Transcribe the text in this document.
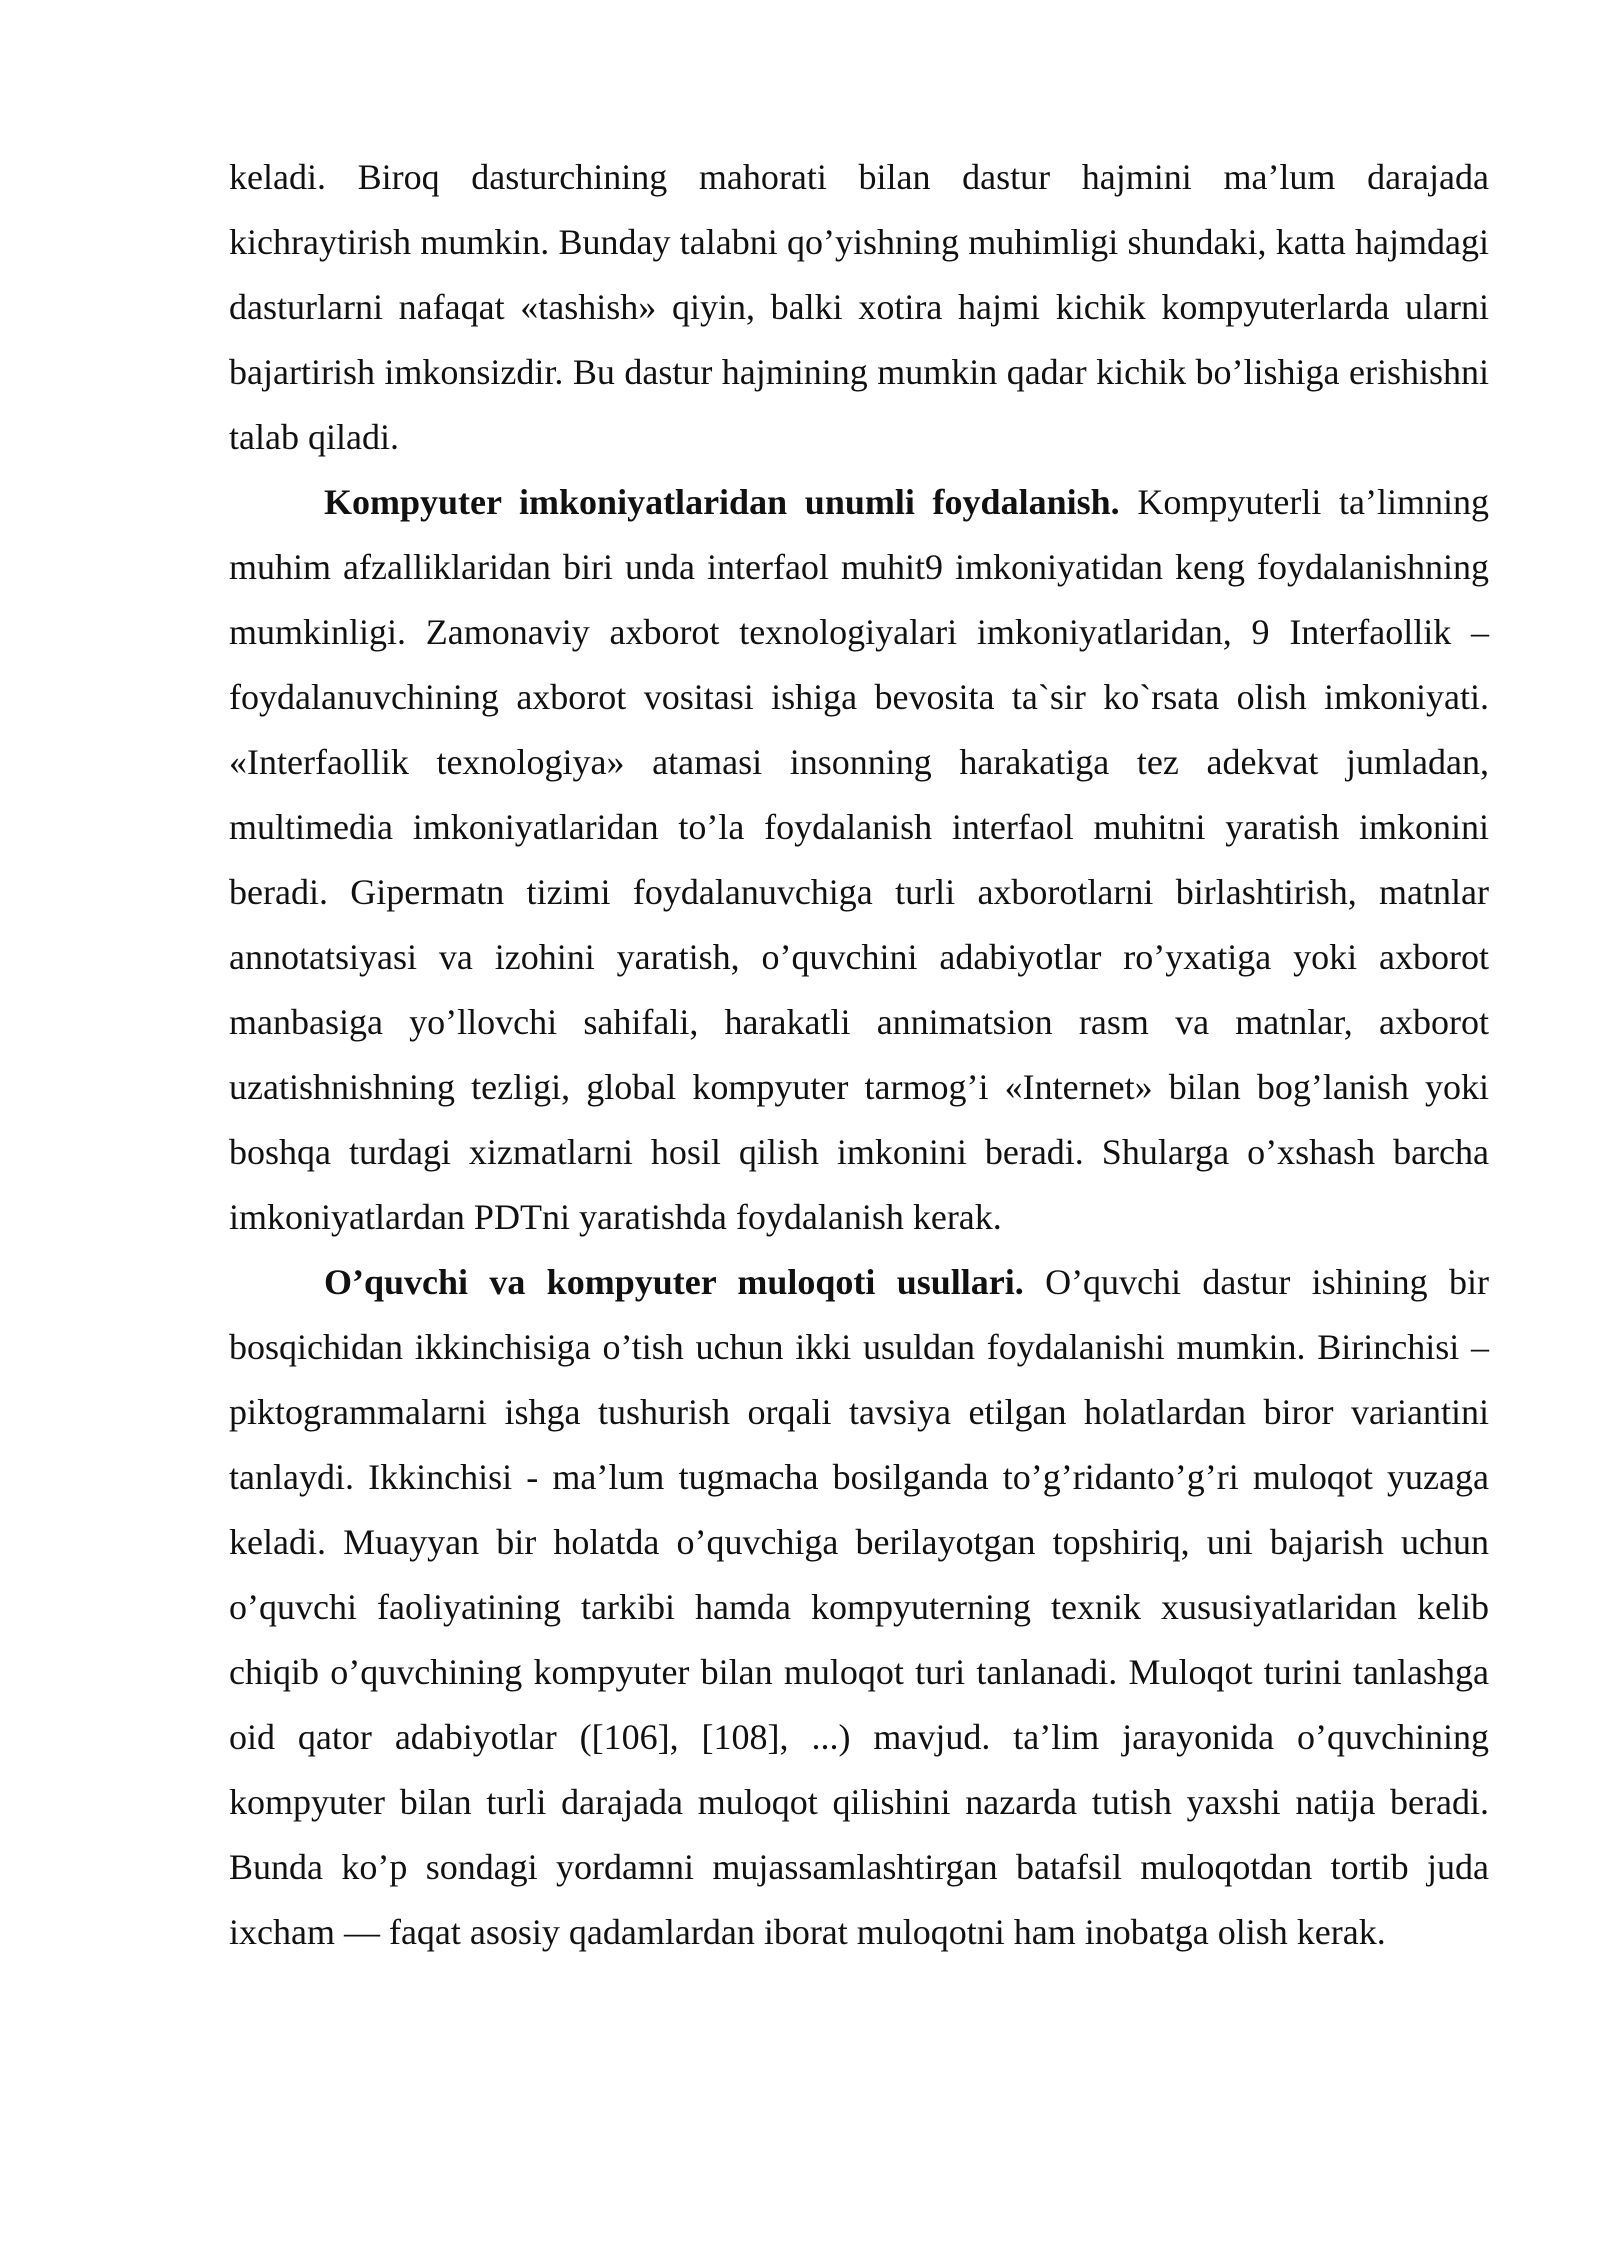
keladi. Biroq dasturchining mahorati bilan dastur hajmini ma’lum darajada kichraytirish mumkin. Bunday talabni qo’yishning muhimligi shundaki, katta hajmdagi dasturlarni nafaqat «tashish» qiyin, balki xotira hajmi kichik kompyuterlarda ularni bajartirish imkonsizdir. Bu dastur hajmining mumkin qadar kichik bo’lishiga erishishni talab qiladi.

Kompyuter imkoniyatlaridan unumli foydalanish. Kompyuterli ta’limning muhim afzalliklaridan biri unda interfaol muhit9 imkoniyatidan keng foydalanishning mumkinligi. Zamonaviy axborot texnologiyalari imkoniyatlaridan, 9 Interfaollik – foydalanuvchining axborot vositasi ishiga bevosita ta`sir ko`rsata olish imkoniyati. «Interfaollik texnologiya» atamasi insonning harakatiga tez adekvat jumladan, multimedia imkoniyatlaridan to’la foydalanish interfaol muhitni yaratish imkonini beradi. Gipermatn tizimi foydalanuvchiga turli axborotlarni birlashtirish, matnlar annotatsiyasi va izohini yaratish, o’quvchini adabiyotlar ro’yxatiga yoki axborot manbasiga yo’llovchi sahifali, harakatli annimatsion rasm va matnlar, axborot uzatishnishning tezligi, global kompyuter tarmog’i «Internet» bilan bog’lanish yoki boshqa turdagi xizmatlarni hosil qilish imkonini beradi. Shularga o’xshash barcha imkoniyatlardan PDTni yaratishda foydalanish kerak.

O’quvchi va kompyuter muloqoti usullari. O’quvchi dastur ishining bir bosqichidan ikkinchisiga o’tish uchun ikki usuldan foydalanishi mumkin. Birinchisi – piktogrammalarni ishga tushurish orqali tavsiya etilgan holatlardan biror variantini tanlaydi. Ikkinchisi - ma’lum tugmacha bosilganda to’g’ridanto’g’ri muloqot yuzaga keladi. Muayyan bir holatda o’quvchiga berilayotgan topshiriq, uni bajarish uchun o’quvchi faoliyatining tarkibi hamda kompyuterning texnik xususiyatlaridan kelib chiqib o’quvchining kompyuter bilan muloqot turi tanlanadi. Muloqot turini tanlashga oid qator adabiyotlar ([106], [108], ...) mavjud. ta’lim jarayonida o’quvchining kompyuter bilan turli darajada muloqot qilishini nazarda tutish yaxshi natija beradi. Bunda ko’p sondagi yordamni mujassamlashtirgan batafsil muloqotdan tortib juda ixcham — faqat asosiy qadamlardan iborat muloqotni ham inobatga olish kerak.
